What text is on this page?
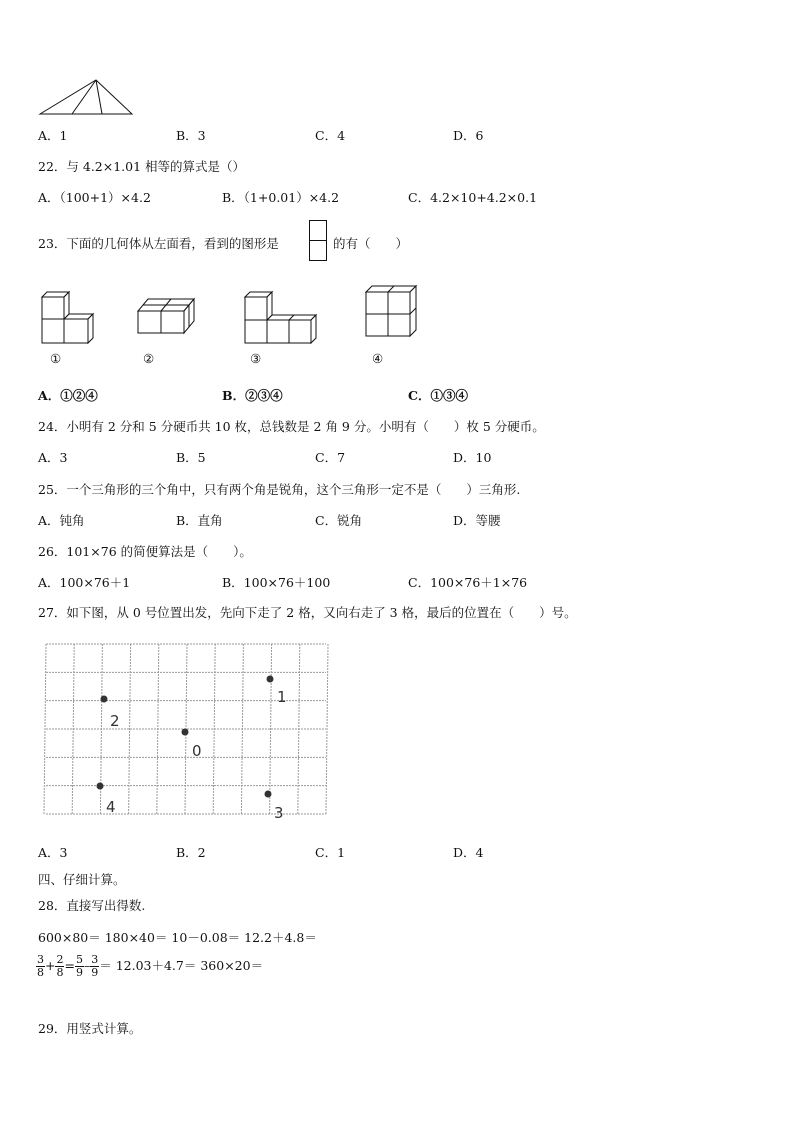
A．1	B．3	C．4	D．6
22．与 4.2×1.01 相等的算式是（）
A．（100+1）×4.2	B．（1+0.01）×4.2	C．4.2×10+4.2×0.1
23．下面的几何体从左面看，看到的图形是	的有（　　）
①	②	③	④
A．①②④	B．②③④	C．①③④
24．小明有 2 分和 5 分硬币共 10 枚，总钱数是 2 角 9 分。小明有（　　）枚 5 分硬币。
A．3	B．5	C．7	D．10
25．一个三角形的三个角中，只有两个角是锐角，这个三角形一定不是（　　）三角形.
A．钝角	B．直角	C．锐角	D．等腰
26．101×76 的简便算法是（　　）。
A．100×76＋1	B．100×76＋100	C．100×76＋1×76
27．如下图，从 0 号位置出发，先向下走了 2 格，又向右走了 3 格，最后的位置在（　　）号。
1
2
0
4	3
A．3	B．2	C．1	D．4
四、仔细计算。
28．直接写出得数.
600×80＝ 180×40＝ 10－0.08＝ 12.2＋4.8＝
$\frac{3}{8} + \frac{2}{8} = \frac{5}{9} - \frac{3}{9} = 12.03+4.7= 360\times 20=$
29．用竖式计算。
